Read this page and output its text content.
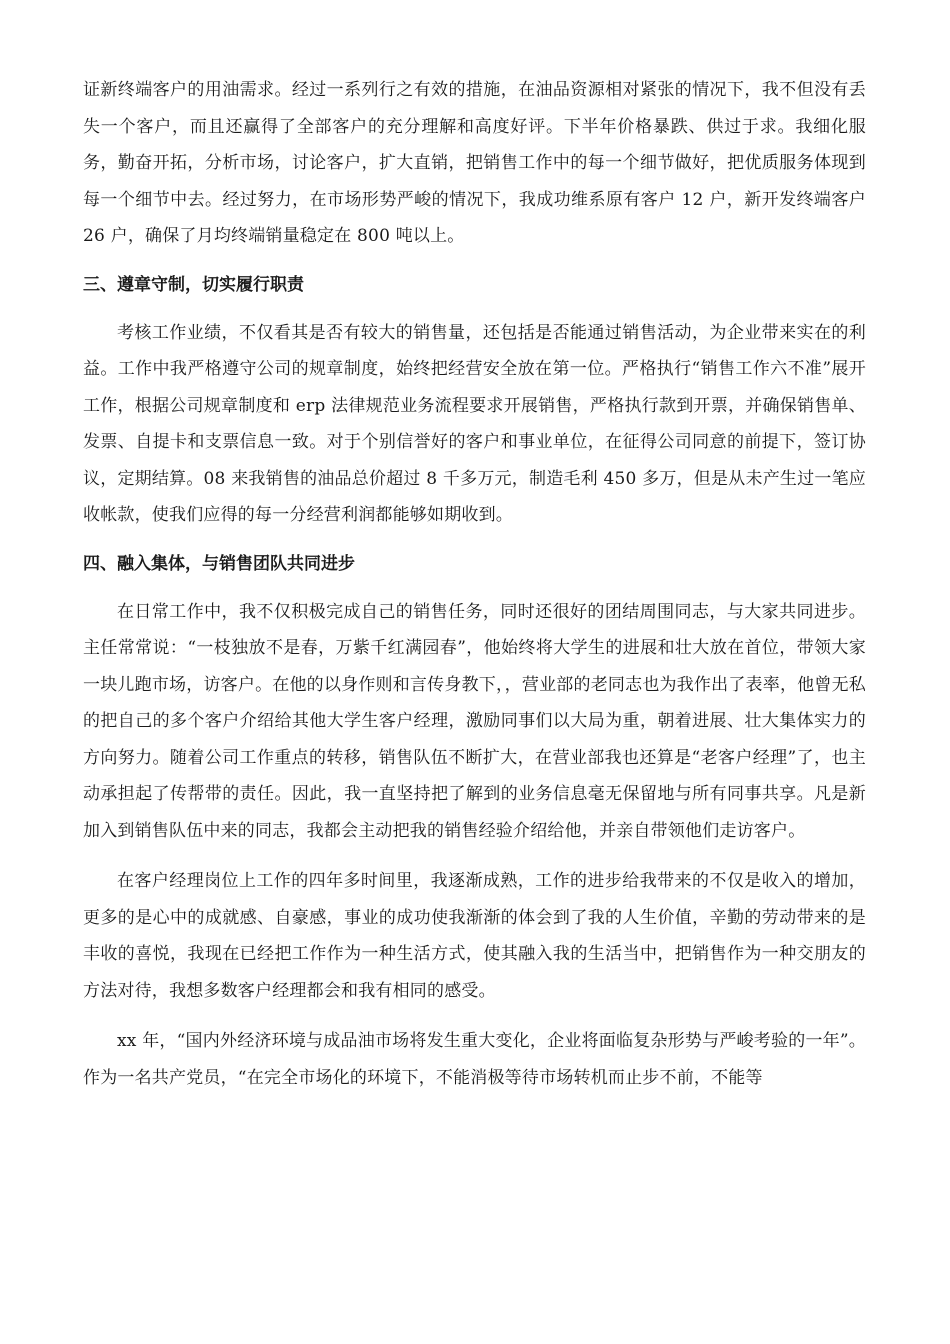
证新终端客户的用油需求。经过一系列行之有效的措施，在油品资源相对紧张的情况下，我不但没有丢失一个客户，而且还赢得了全部客户的充分理解和高度好评。下半年价格暴跌、供过于求。我细化服务，勤奋开拓，分析市场，讨论客户，扩大直销，把销售工作中的每一个细节做好，把优质服务体现到每一个细节中去。经过努力，在市场形势严峻的情况下，我成功维系原有客户 12 户，新开发终端客户 26 户，确保了月均终端销量稳定在 800 吨以上。

三、遵章守制，切实履行职责

考核工作业绩，不仅看其是否有较大的销售量，还包括是否能通过销售活动，为企业带来实在的利益。工作中我严格遵守公司的规章制度，始终把经营安全放在第一位。严格执行“销售工作六不准”展开工作，根据公司规章制度和 erp 法律规范业务流程要求开展销售，严格执行款到开票，并确保销售单、发票、自提卡和支票信息一致。对于个别信誉好的客户和事业单位，在征得公司同意的前提下，签订协议，定期结算。08 来我销售的油品总价超过 8 千多万元，制造毛利 450 多万，但是从未产生过一笔应收帐款，使我们应得的每一分经营利润都能够如期收到。

四、融入集体，与销售团队共同进步

在日常工作中，我不仅积极完成自己的销售任务，同时还很好的团结周围同志，与大家共同进步。主任常常说：“一枝独放不是春，万紫千红满园春”，他始终将大学生的进展和壮大放在首位，带领大家一块儿跑市场，访客户。在他的以身作则和言传身教下，，营业部的老同志也为我作出了表率，他曾无私的把自己的多个客户介绍给其他大学生客户经理，激励同事们以大局为重，朝着进展、壮大集体实力的方向努力。随着公司工作重点的转移，销售队伍不断扩大，在营业部我也还算是“老客户经理”了，也主动承担起了传帮带的责任。因此，我一直坚持把了解到的业务信息毫无保留地与所有同事共享。凡是新加入到销售队伍中来的同志，我都会主动把我的销售经验介绍给他，并亲自带领他们走访客户。

在客户经理岗位上工作的四年多时间里，我逐渐成熟，工作的进步给我带来的不仅是收入的增加，更多的是心中的成就感、自豪感，事业的成功使我渐渐的体会到了我的人生价值，辛勤的劳动带来的是丰收的喜悦，我现在已经把工作作为一种生活方式，使其融入我的生活当中，把销售作为一种交朋友的方法对待，我想多数客户经理都会和我有相同的感受。

xx 年，“国内外经济环境与成品油市场将发生重大变化，企业将面临复杂形势与严峻考验的一年”。作为一名共产党员，“在完全市场化的环境下，不能消极等待市场转机而止步不前，不能等
